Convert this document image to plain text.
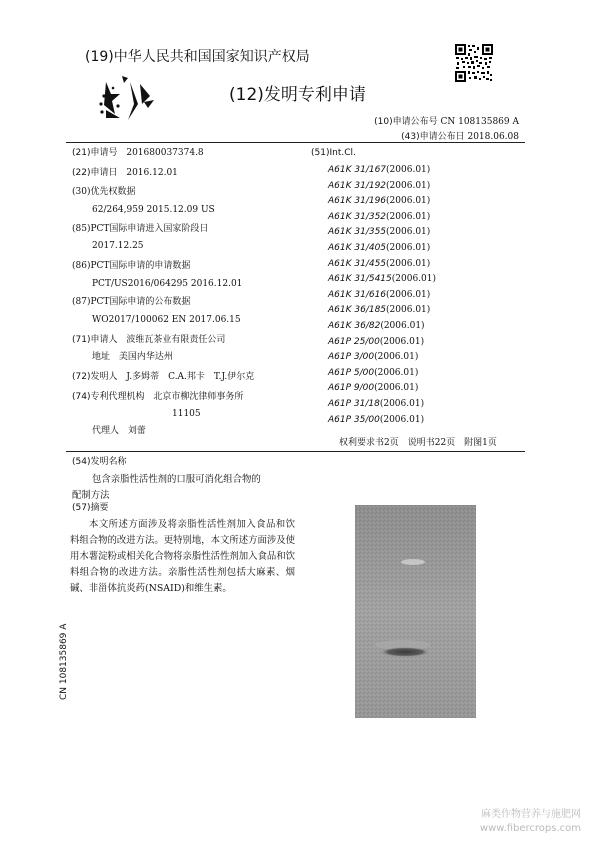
(19)中华人民共和国国家知识产权局
(12)发明专利申请
(10)申请公布号 CN 108135869 A
(43)申请公布日 2018.06.08
(21)申请号 201680037374.8
(22)申请日 2016.12.01
(30)优先权数据
62/264,959 2015.12.09 US
(85)PCT国际申请进入国家阶段日
2017.12.25
(86)PCT国际申请的申请数据
PCT/US2016/064295 2016.12.01
(87)PCT国际申请的公布数据
WO2017/100062 EN 2017.06.15
(71)申请人 波维瓦茶业有限责任公司
地址 美国内华达州
(72)发明人 J.多姆蒂　C.A.邦卡　T.J.伊尔克
(74)专利代理机构 北京市柳沈律师事务所
11105
代理人 刘蕾
(51)Int.Cl.
A61K 31/167(2006.01)
A61K 31/192(2006.01)
A61K 31/196(2006.01)
A61K 31/352(2006.01)
A61K 31/355(2006.01)
A61K 31/405(2006.01)
A61K 31/455(2006.01)
A61K 31/5415(2006.01)
A61K 31/616(2006.01)
A61K 36/185(2006.01)
A61K 36/82(2006.01)
A61P 25/00(2006.01)
A61P 3/00(2006.01)
A61P 5/00(2006.01)
A61P 9/00(2006.01)
A61P 31/18(2006.01)
A61P 35/00(2006.01)
权利要求书2页　说明书22页　附图1页
(54)发明名称
包含亲脂性活性剂的口服可消化组合物的
配制方法
(57)摘要
本文所述方面涉及将亲脂性活性剂加入食品和饮料组合物的改进方法。更特别地，本文所述方面涉及使用木薯淀粉或相关化合物将亲脂性活性剂加入食品和饮料组合物的改进方法。亲脂性活性剂包括大麻素、烟碱、非甾体抗炎药(NSAID)和维生素。
CN 108135869 A
麻类作物营养与施肥网
www.fibercrops.com
